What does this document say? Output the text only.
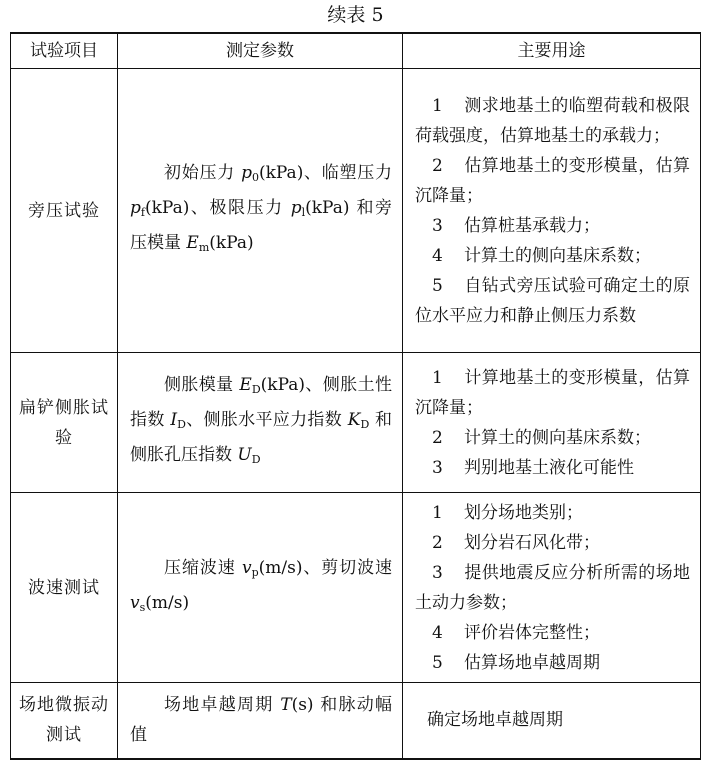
续表 5
试验项目	测定参数	主要用途
旁压试验	初始压力 $p_0(kPa)$、临塑压力 $p_f(kPa)$、极限压力 $p_l(kPa)$ 和旁压模量 $E_m(kPa)$	1 测求地基土的临塑荷载和极限荷载强度，估算地基土的承载力；
2 估算地基土的变形模量，估算沉降量；
3 估算桩基承载力；
4 计算土的侧向基床系数；
5 自钻式旁压试验可确定土的原位水平应力和静止侧压力系数

扁铲侧胀试验	侧胀模量 $E_D(kPa)$、侧胀土性指数 $I_D$、侧胀水平应力指数 $K_D$ 和侧胀孔压指数 $U_D$	1 计算地基土的变形模量，估算沉降量；
2 计算土的侧向基床系数；
3 判别地基土液化可能性

波速测试	压缩波速 $v_p(m/s)$、剪切波速 $v_s(m/s)$	1 划分场地类别；
2 划分岩石风化带；
3 提供地震反应分析所需的场地土动力参数；
4 评价岩体完整性；
5 估算场地卓越周期

场地微振动测试	场地卓越周期 T(s) 和脉动幅值	确定场地卓越周期
